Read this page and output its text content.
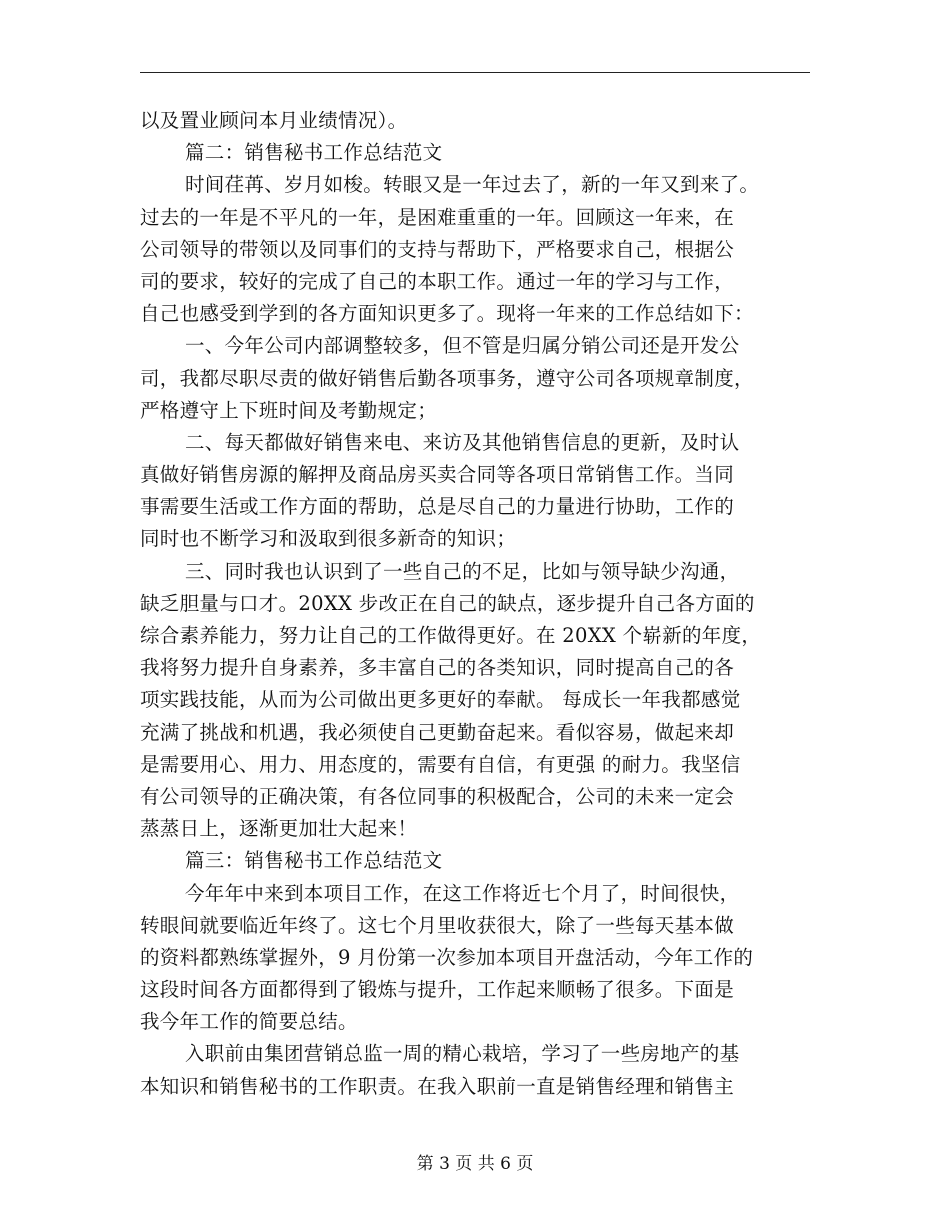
以及置业顾问本月业绩情况）。
篇二：销售秘书工作总结范文
时间荏苒、岁月如梭。转眼又是一年过去了，新的一年又到来了。
过去的一年是不平凡的一年，是困难重重的一年。回顾这一年来，在
公司领导的带领以及同事们的支持与帮助下，严格要求自己，根据公
司的要求，较好的完成了自己的本职工作。通过一年的学习与工作，
自己也感受到学到的各方面知识更多了。现将一年来的工作总结如下：
一、今年公司内部调整较多，但不管是归属分销公司还是开发公
司，我都尽职尽责的做好销售后勤各项事务，遵守公司各项规章制度，
严格遵守上下班时间及考勤规定；
二、每天都做好销售来电、来访及其他销售信息的更新，及时认
真做好销售房源的解押及商品房买卖合同等各项日常销售工作。当同
事需要生活或工作方面的帮助，总是尽自己的力量进行协助，工作的
同时也不断学习和汲取到很多新奇的知识；
三、同时我也认识到了一些自己的不足，比如与领导缺少沟通，
缺乏胆量与口才。20XX 步改正在自己的缺点，逐步提升自己各方面的
综合素养能力，努力让自己的工作做得更好。在 20XX 个崭新的年度，
我将努力提升自身素养，多丰富自己的各类知识，同时提高自己的各
项实践技能，从而为公司做出更多更好的奉献。 每成长一年我都感觉
充满了挑战和机遇，我必须使自己更勤奋起来。看似容易，做起来却
是需要用心、用力、用态度的，需要有自信，有更强 的耐力。我坚信
有公司领导的正确决策，有各位同事的积极配合，公司的未来一定会
蒸蒸日上，逐渐更加壮大起来！
篇三：销售秘书工作总结范文
今年年中来到本项目工作，在这工作将近七个月了，时间很快，
转眼间就要临近年终了。这七个月里收获很大，除了一些每天基本做
的资料都熟练掌握外，9 月份第一次参加本项目开盘活动，今年工作的
这段时间各方面都得到了锻炼与提升，工作起来顺畅了很多。下面是
我今年工作的简要总结。
入职前由集团营销总监一周的精心栽培，学习了一些房地产的基
本知识和销售秘书的工作职责。在我入职前一直是销售经理和销售主
第 3 页 共 6 页
